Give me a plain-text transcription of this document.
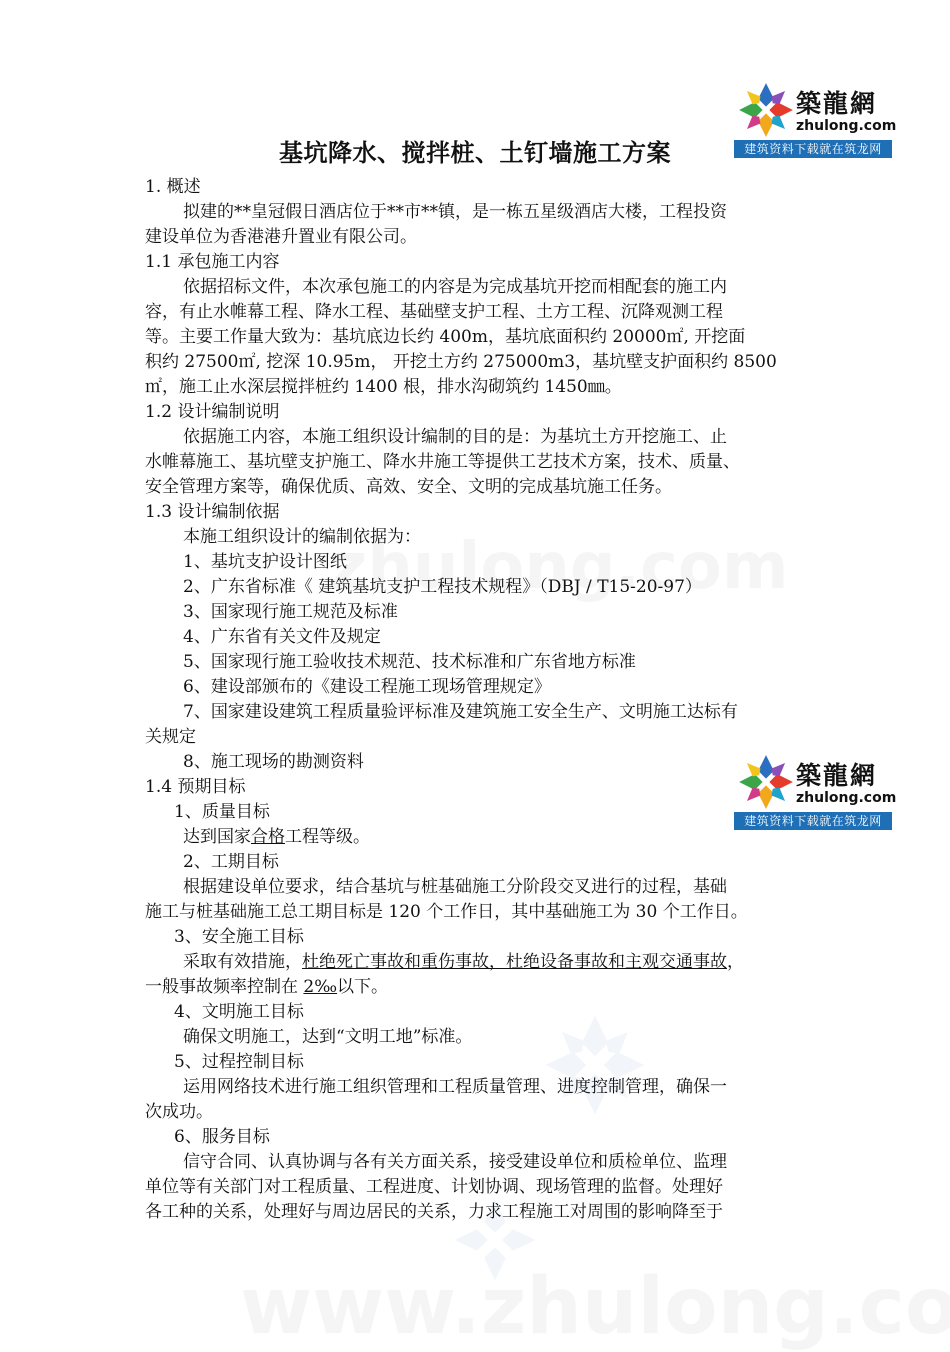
築龍網
zhulong.com
建筑资料下载就在筑龙网
築龍網
zhulong.com
建筑资料下载就在筑龙网
基坑降水、搅拌桩、土钉墙施工方案
1. 概述
拟建的**皇冠假日酒店位于**市**镇，是一栋五星级酒店大楼，工程投资
建设单位为香港港升置业有限公司。
1.1 承包施工内容
依据招标文件，本次承包施工的内容是为完成基坑开挖而相配套的施工内
容，有止水帷幕工程、降水工程、基础壁支护工程、土方工程、沉降观测工程
等。主要工作量大致为：基坑底边长约 400m，基坑底面积约 20000㎡, 开挖面
积约 27500㎡, 挖深 10.95m， 开挖土方约 275000m3，基坑壁支护面积约 8500
㎡，施工止水深层搅拌桩约 1400 根，排水沟砌筑约 1450㎜。
1.2 设计编制说明
依据施工内容，本施工组织设计编制的目的是：为基坑土方开挖施工、止
水帷幕施工、基坑壁支护施工、降水井施工等提供工艺技术方案，技术、质量、
安全管理方案等，确保优质、高效、安全、文明的完成基坑施工任务。
1.3 设计编制依据
本施工组织设计的编制依据为：
1、基坑支护设计图纸
2、广东省标准《 建筑基坑支护工程技术规程》（DBJ / T15-20-97）
3、国家现行施工规范及标准
4、广东省有关文件及规定
5、国家现行施工验收技术规范、技术标准和广东省地方标准
6、建设部颁布的《建设工程施工现场管理规定》
7、国家建设建筑工程质量验评标准及建筑施工安全生产、文明施工达标有
关规定
8、施工现场的勘测资料
1.4 预期目标
1、质量目标
达到国家合格工程等级。
2、工期目标
根据建设单位要求，结合基坑与桩基础施工分阶段交叉进行的过程，基础
施工与桩基础施工总工期目标是 120 个工作日，其中基础施工为 30 个工作日。
3、安全施工目标
采取有效措施，杜绝死亡事故和重伤事故，杜绝设备事故和主观交通事故，
一般事故频率控制在 2‰以下。
4、文明施工目标
确保文明施工，达到“文明工地”标准。
5、过程控制目标
运用网络技术进行施工组织管理和工程质量管理、进度控制管理，确保一
次成功。
6、服务目标
信守合同、认真协调与各有关方面关系，接受建设单位和质检单位、监理
单位等有关部门对工程质量、工程进度、计划协调、现场管理的监督。处理好
各工种的关系，处理好与周边居民的关系，力求工程施工对周围的影响降至于
